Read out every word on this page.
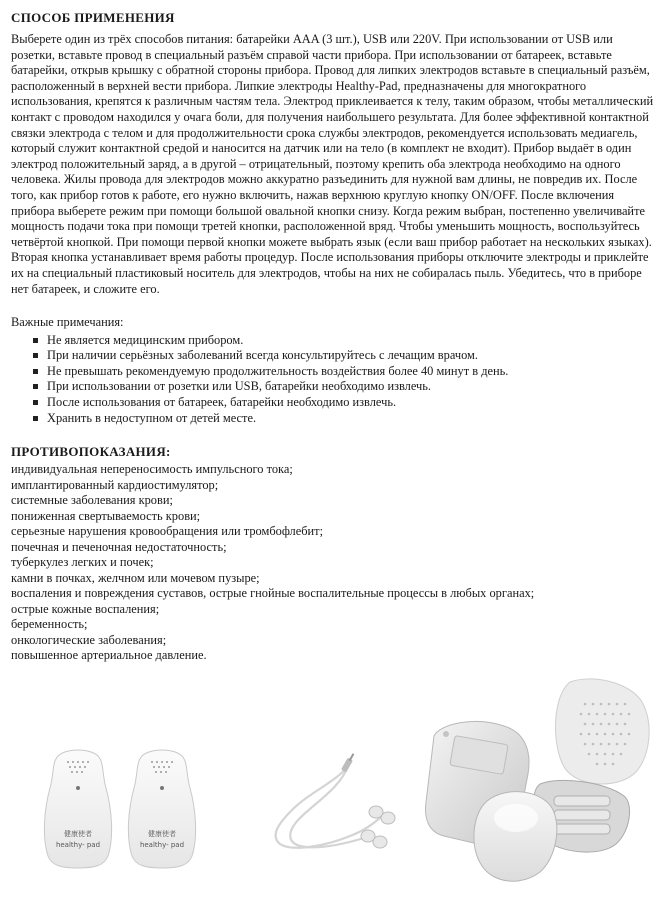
СПОСОБ ПРИМЕНЕНИЯ

Выберете один из трёх способов питания: батарейки AAA (3 шт.), USB или 220V. При использовании от USB или розетки, вставьте провод в специальный разъём справой части прибора. При использовании от батареек, вставьте батарейки, открыв крышку с обратной стороны прибора. Провод для липких электродов вставьте в специальный разъём, расположенный в верхней вести прибора. Липкие электроды Healthy-Pad, предназначены для многократного использования, крепятся к различным частям тела. Электрод приклеивается к телу, таким образом, чтобы металлический контакт с проводом находился у очага боли, для получения наибольшего результата. Для более эффективной контактной связки электрода с телом и для продолжительности срока службы электродов, рекомендуется использовать медиагель, который служит контактной средой и наносится на датчик или на тело (в комплект не входит). Прибор выдаёт в один электрод положительный заряд, а в другой – отрицательный, поэтому крепить оба электрода необходимо на одного человека. Жилы провода для электродов можно аккуратно разъединить для нужной вам длины, не повредив их. После того, как прибор готов к работе, его нужно включить, нажав верхнюю круглую кнопку ON/OFF. После включения прибора выберете режим при помощи большой овальной кнопки снизу. Когда режим выбран, постепенно увеличивайте мощность подачи тока при помощи третей кнопки, расположенной вряд. Чтобы уменьшить мощность, воспользуйтесь четвёртой кнопкой. При помощи первой кнопки можете выбрать язык (если ваш прибор работает на нескольких языках). Вторая кнопка устанавливает время работы процедур. После использования приборы отключите электроды и приклейте их на специальный пластиковый носитель для электродов, чтобы на них не собиралась пыль. Убедитесь, что в приборе нет батареек, и сложите его.

Важные примечания:
Не является медицинским прибором.
При наличии серьёзных заболеваний всегда консультируйтесь с лечащим врачом.
Не превышать рекомендуемую продолжительность воздействия более 40 минут в день.
При использовании от розетки или USB, батарейки необходимо извлечь.
После использования от батареек, батарейки необходимо извлечь.
Хранить в недоступном от детей месте.
ПРОТИВОПОКАЗАНИЯ:
индивидуальная непереносимость импульсного тока;
имплантированный кардиостимулятор;
системные заболевания крови;
пониженная свертываемость крови;
серьезные нарушения кровообращения или тромбофлебит;
почечная и печеночная недостаточность;
туберкулез легких и почек;
камни в почках, желчном или мочевом пузыре;
воспаления и повреждения суставов, острые гнойные воспалительные процессы в любых органах;
острые кожные воспаления;
беременность;
онкологические заболевания;
повышенное артериальное давление.
健康使者
healthy- pad
健康使者
healthy- pad
